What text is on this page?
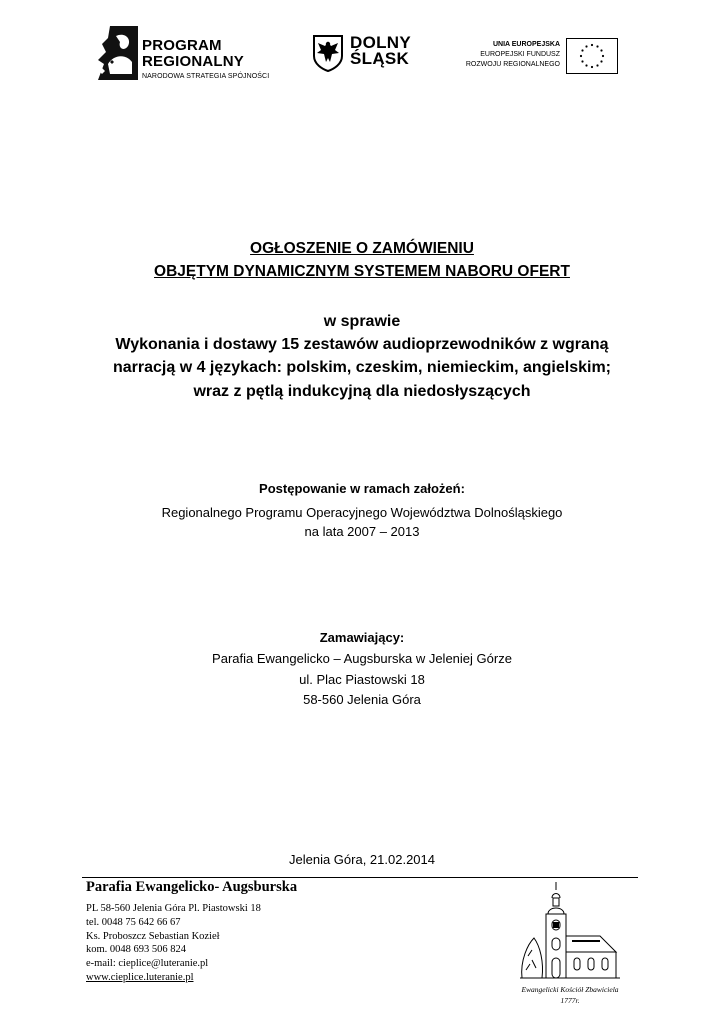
PROGRAM
REGIONALNY
NARODOWA STRATEGIA SPÓJNOŚCI
DOLNY
ŚLĄSK
UNIA EUROPEJSKA
EUROPEJSKI FUNDUSZ
ROZWOJU REGIONALNEGO
OGŁOSZENIE O ZAMÓWIENIU
OBJĘTYM DYNAMICZNYM SYSTEMEM NABORU OFERT
w sprawie
Wykonania i dostawy 15 zestawów audioprzewodników z wgraną
narracją w 4 językach: polskim, czeskim, niemieckim, angielskim;
wraz z pętlą indukcyjną dla niedosłyszących
Postępowanie w ramach założeń:
Regionalnego Programu Operacyjnego Województwa Dolnośląskiego
na lata 2007 – 2013
Zamawiający:
Parafia Ewangelicko – Augsburska w Jeleniej Górze
ul. Plac Piastowski 18
58-560 Jelenia Góra
Jelenia Góra, 21.02.2014
Parafia Ewangelicko- Augsburska
PL 58-560 Jelenia Góra Pl. Piastowski 18
tel. 0048 75 642 66 67
Ks. Proboszcz Sebastian Kozieł
kom. 0048 693 506 824
e-mail: cieplice@luteranie.pl
www.cieplice.luteranie.pl
Ewangelicki Kościół Zbawiciela
1777r.
